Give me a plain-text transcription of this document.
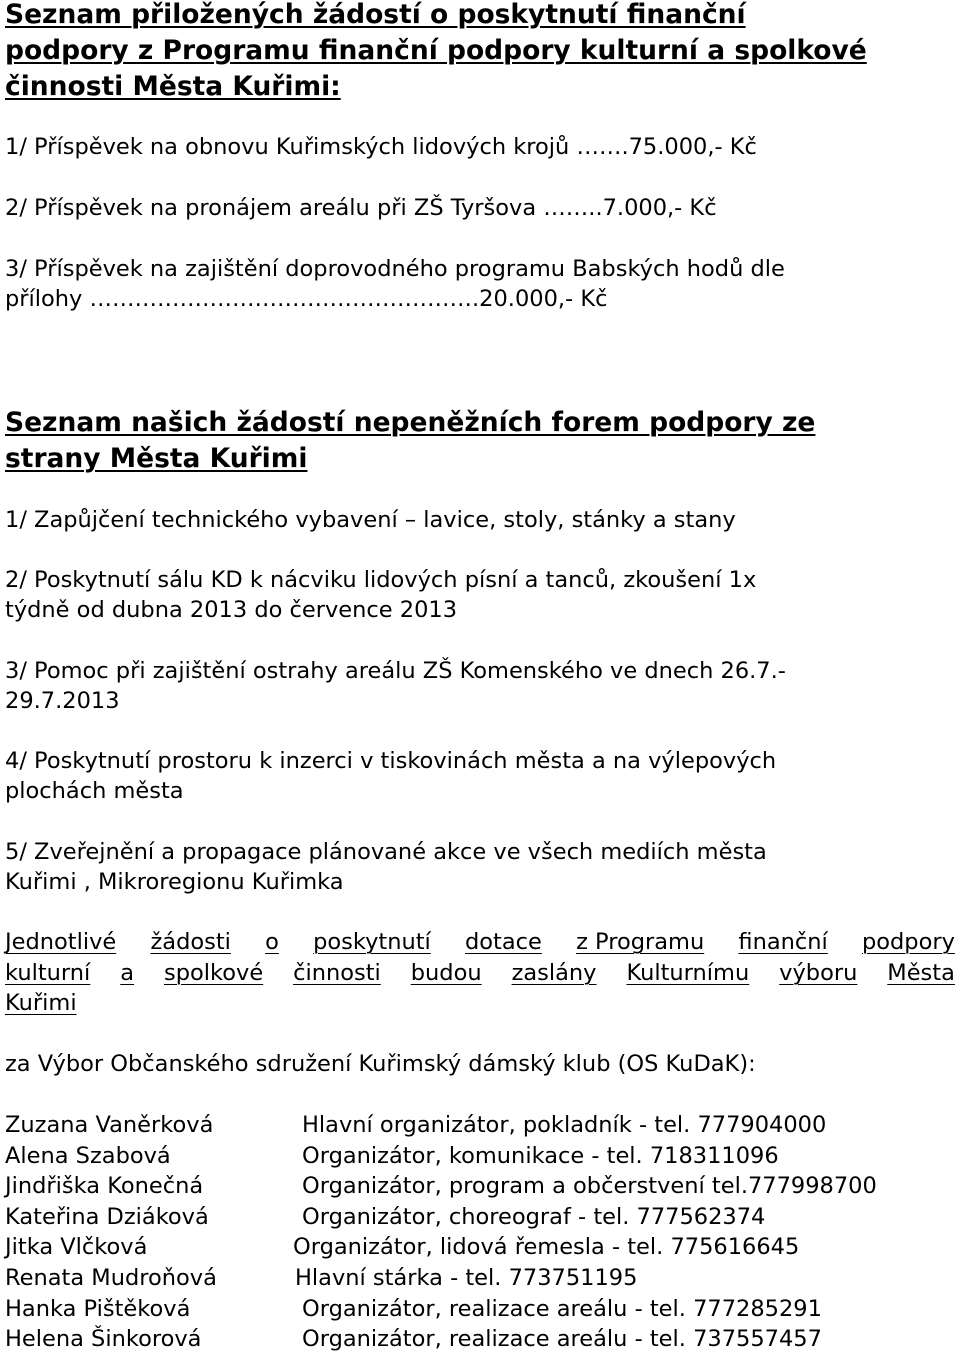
Seznam přiložených žádostí o poskytnutí finanční
podpory z Programu finanční podpory kulturní a spolkové
činnosti Města Kuřimi:
1/ Příspěvek na obnovu Kuřimských lidových krojů …….75.000,- Kč
2/ Příspěvek na pronájem areálu při ZŠ Tyršova ……..7.000,- Kč
3/ Příspěvek na zajištění doprovodného programu Babských hodů dle
přílohy …………………………………………….20.000,- Kč
Seznam našich žádostí nepeněžních forem podpory ze
strany Města Kuřimi
1/ Zapůjčení technického vybavení – lavice, stoly, stánky a stany
2/ Poskytnutí sálu KD k nácviku lidových písní a tanců, zkoušení 1x
týdně od dubna 2013 do července 2013
3/ Pomoc při zajištění ostrahy areálu ZŠ Komenského ve dnech 26.7.-
29.7.2013
4/ Poskytnutí prostoru k inzerci v tiskovinách města a na výlepových
plochách města
5/ Zveřejnění a propagace plánované akce ve všech mediích města
Kuřimi , Mikroregionu Kuřimka
Jednotlivé žádosti o poskytnutí dotace z Programu finanční podpory
kulturní a spolkové činnosti budou zaslány Kulturnímu výboru Města
Kuřimi
za Výbor Občanského sdružení Kuřimský dámský klub (OS KuDaK):
Zuzana Vaněrková	Hlavní organizátor, pokladník - tel. 777904000
Alena Szabová	Organizátor, komunikace - tel. 718311096
Jindřiška Konečná	Organizátor, program a občerstvení tel.777998700
Kateřina Dziáková	Organizátor, choreograf - tel. 777562374
Jitka Vlčková	Organizátor, lidová řemesla - tel. 775616645
Renata Mudroňová	Hlavní stárka - tel. 773751195
Hanka Pištěková	Organizátor, realizace areálu - tel. 777285291
Helena Šinkorová	Organizátor, realizace areálu - tel. 737557457
